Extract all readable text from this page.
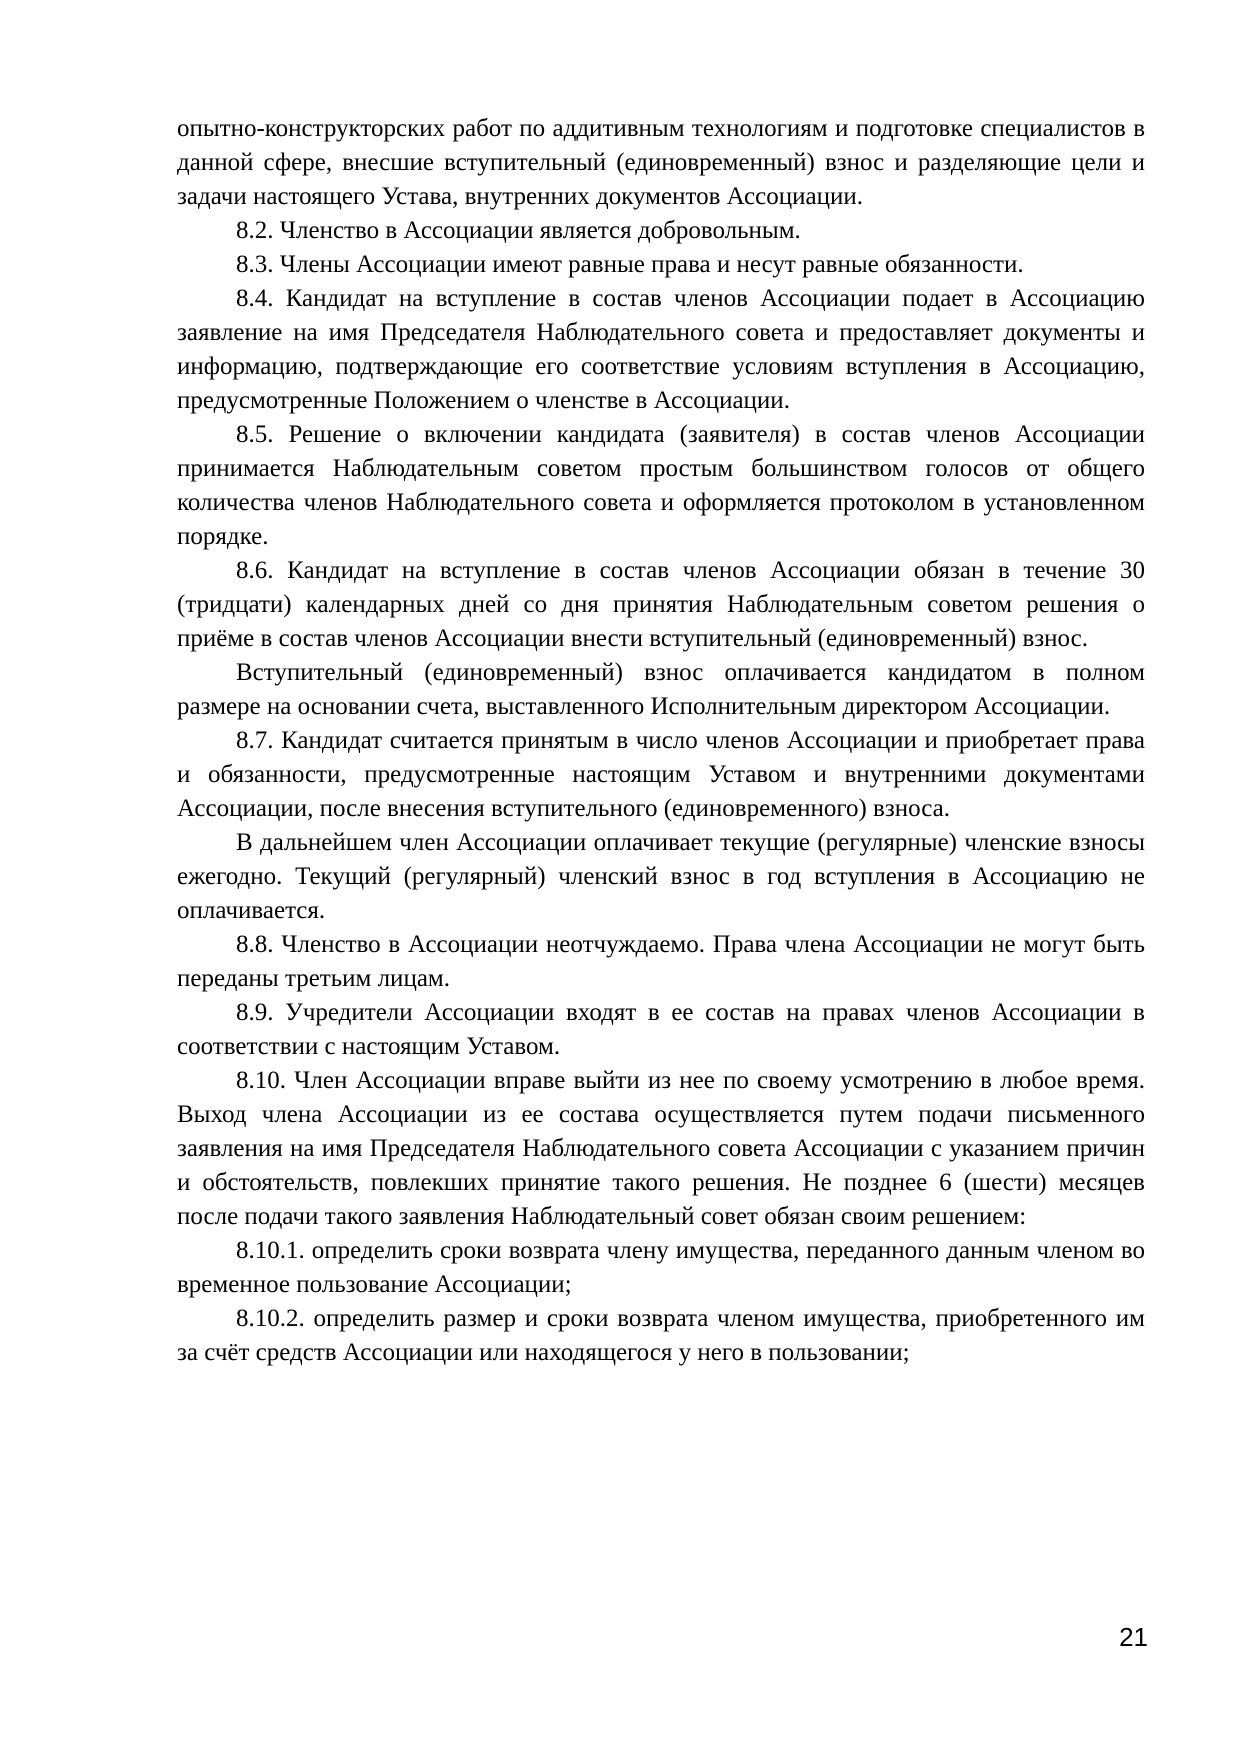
опытно-конструкторских работ по аддитивным технологиям и подготовке специалистов в данной сфере, внесшие вступительный (единовременный) взнос и разделяющие цели и задачи настоящего Устава, внутренних документов Ассоциации.

8.2. Членство в Ассоциации является добровольным.

8.3. Члены Ассоциации имеют равные права и несут равные обязанности.

8.4. Кандидат на вступление в состав членов Ассоциации подает в Ассоциацию заявление на имя Председателя Наблюдательного совета и предоставляет документы и информацию, подтверждающие его соответствие условиям вступления в Ассоциацию, предусмотренные Положением о членстве в Ассоциации.

8.5. Решение о включении кандидата (заявителя) в состав членов Ассоциации принимается Наблюдательным советом простым большинством голосов от общего количества членов Наблюдательного совета и оформляется протоколом в установленном порядке.

8.6. Кандидат на вступление в состав членов Ассоциации обязан в течение 30 (тридцати) календарных дней со дня принятия Наблюдательным советом решения о приёме в состав членов Ассоциации внести вступительный (единовременный) взнос.

Вступительный (единовременный) взнос оплачивается кандидатом в полном размере на основании счета, выставленного Исполнительным директором Ассоциации.

8.7. Кандидат считается принятым в число членов Ассоциации и приобретает права и обязанности, предусмотренные настоящим Уставом и внутренними документами Ассоциации, после внесения вступительного (единовременного) взноса.

В дальнейшем член Ассоциации оплачивает текущие (регулярные) членские взносы ежегодно. Текущий (регулярный) членский взнос в год вступления в Ассоциацию не оплачивается.

8.8. Членство в Ассоциации неотчуждаемо. Права члена Ассоциации не могут быть переданы третьим лицам.

8.9. Учредители Ассоциации входят в ее состав на правах членов Ассоциации в соответствии с настоящим Уставом.

8.10. Член Ассоциации вправе выйти из нее по своему усмотрению в любое время. Выход члена Ассоциации из ее состава осуществляется путем подачи письменного заявления на имя Председателя Наблюдательного совета Ассоциации с указанием причин и обстоятельств, повлекших принятие такого решения. Не позднее 6 (шести) месяцев после подачи такого заявления Наблюдательный совет обязан своим решением:

8.10.1. определить сроки возврата члену имущества, переданного данным членом во временное пользование Ассоциации;

8.10.2. определить размер и сроки возврата членом имущества, приобретенного им за счёт средств Ассоциации или находящегося у него в пользовании;

21
